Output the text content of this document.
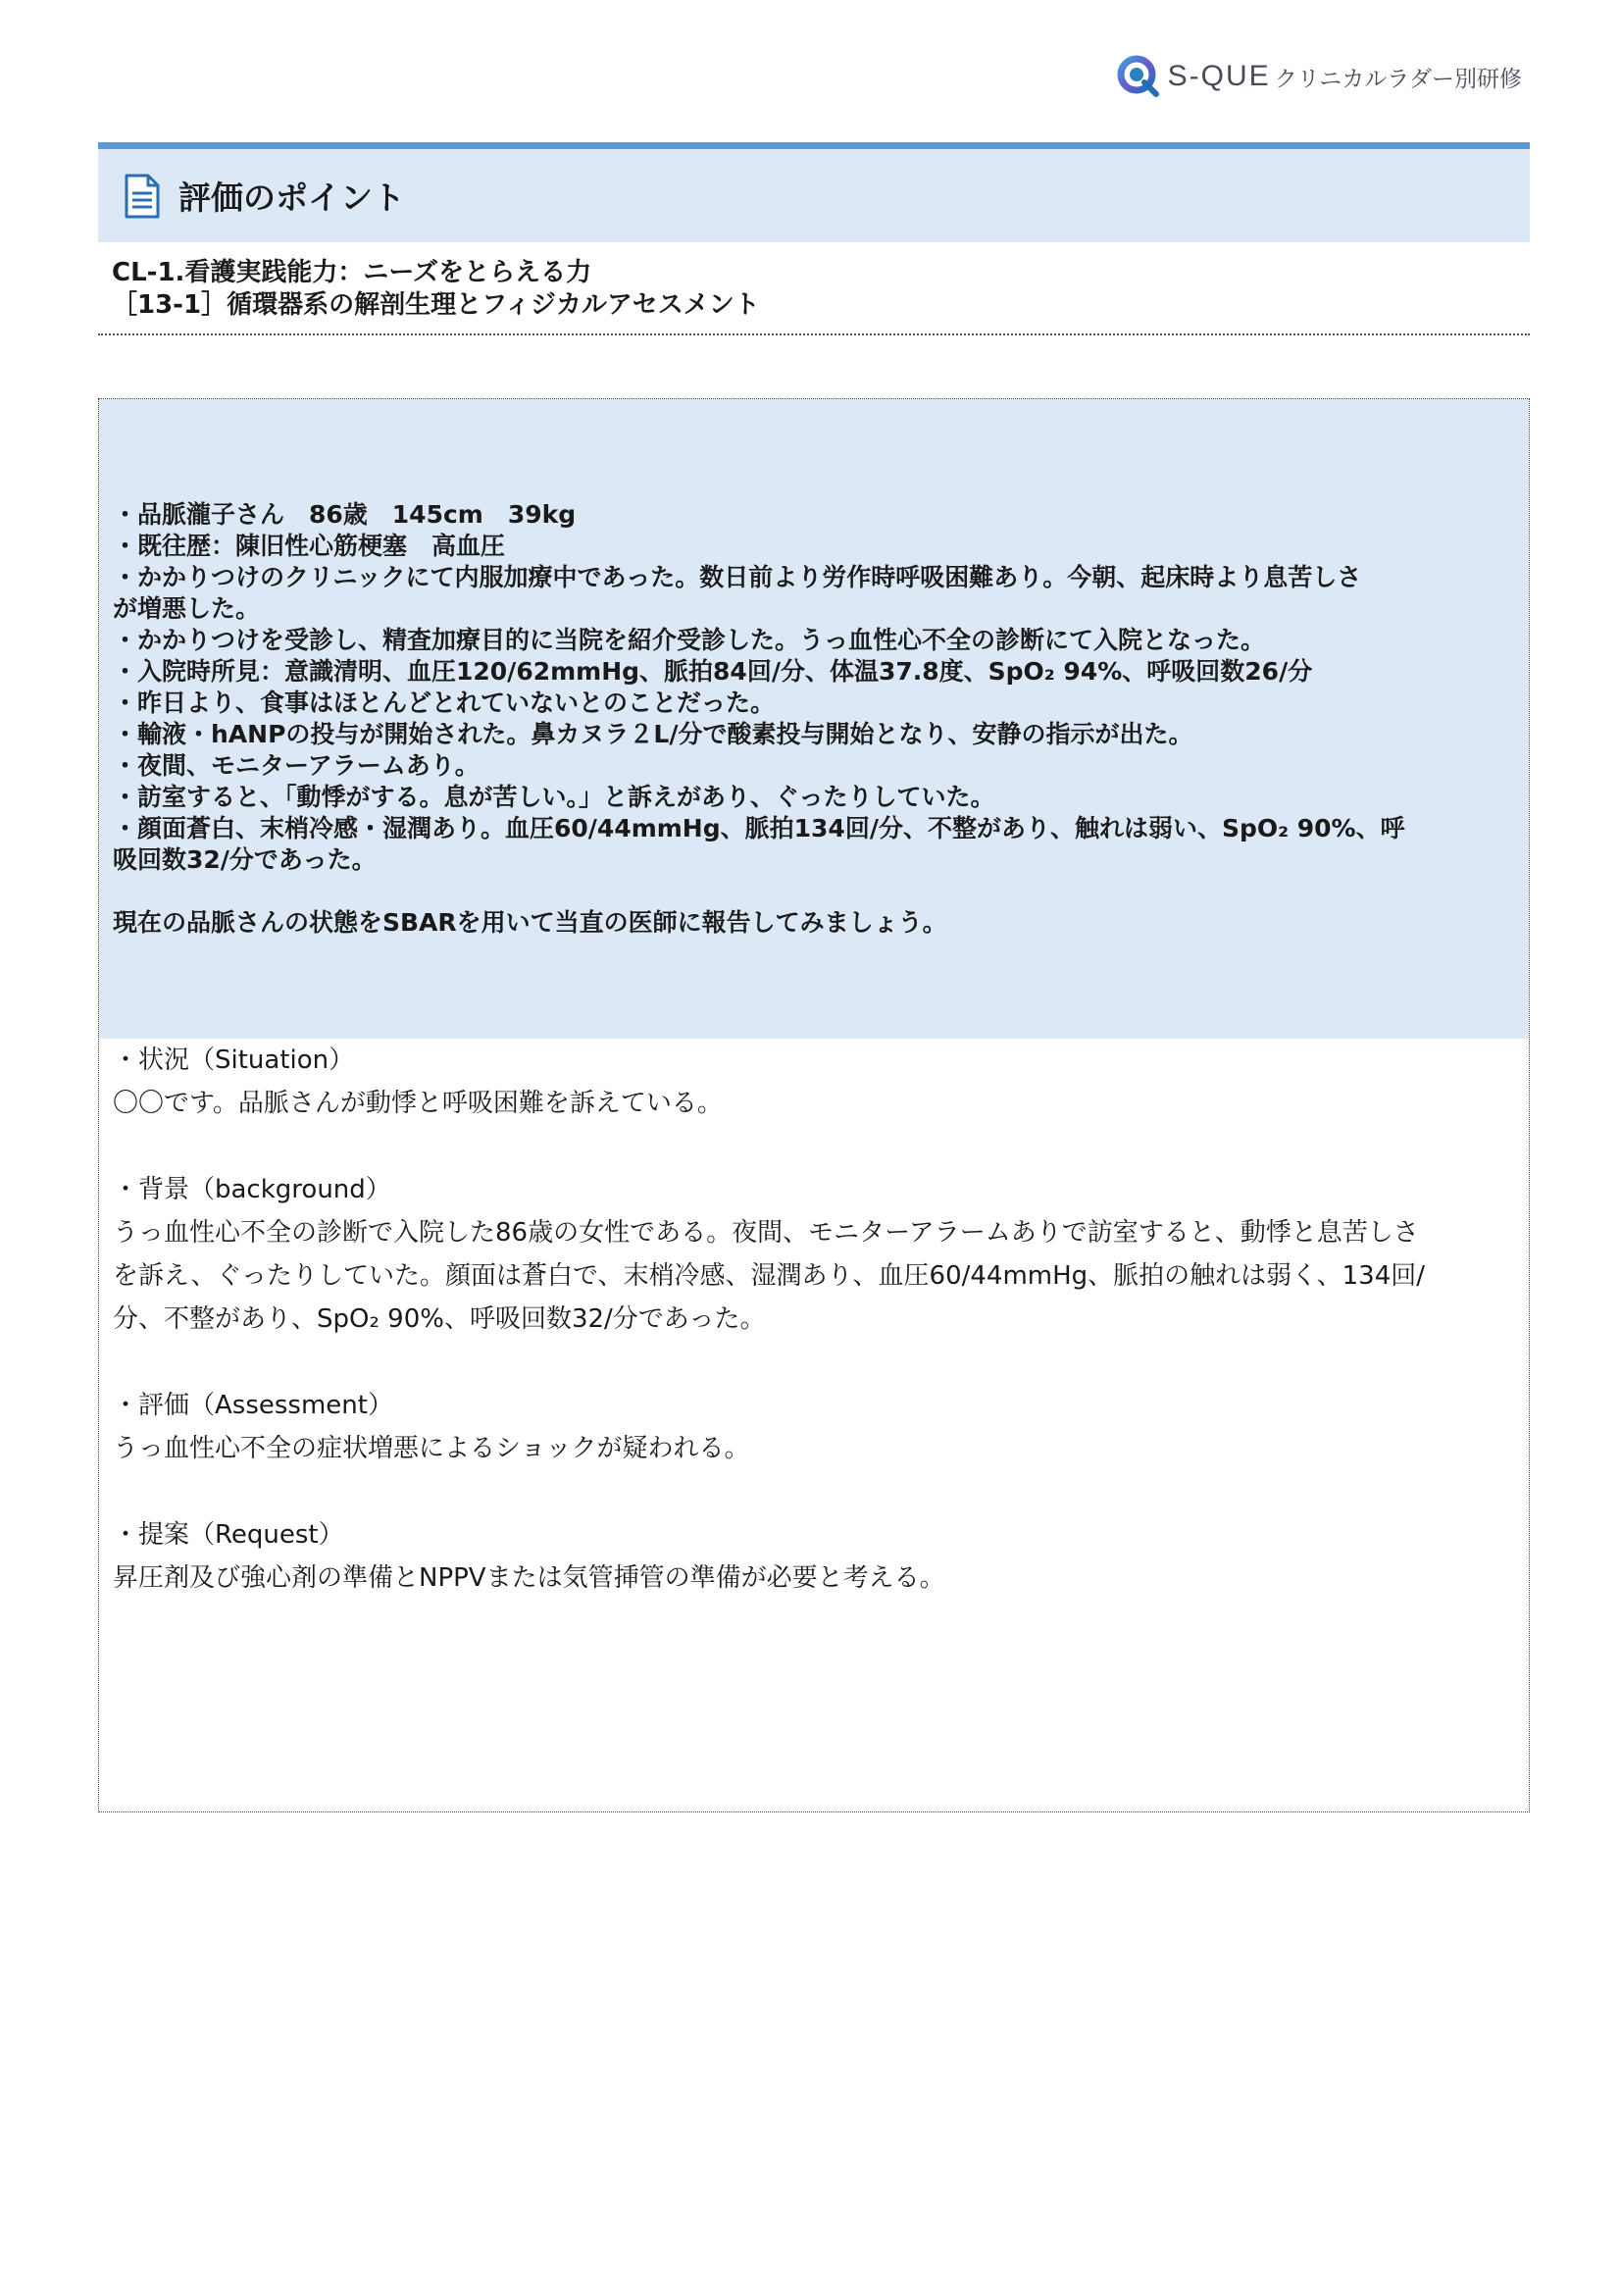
S-QUE クリニカルラダー別研修
評価のポイント
CL-1.看護実践能力：ニーズをとらえる力
［13-1］循環器系の解剖生理とフィジカルアセスメント
・品脈瀧子さん　86歳　145cm　39kg
・既往歴：陳旧性心筋梗塞　高血圧
・かかりつけのクリニックにて内服加療中であった。数日前より労作時呼吸困難あり。今朝、起床時より息苦しさ
が増悪した。
・かかりつけを受診し、精査加療目的に当院を紹介受診した。うっ血性心不全の診断にて入院となった。
・入院時所見：意識清明、血圧120/62mmHg、脈拍84回/分、体温37.8度、SpO₂ 94%、呼吸回数26/分
・昨日より、食事はほとんどとれていないとのことだった。
・輸液・hANPの投与が開始された。鼻カヌラ２L/分で酸素投与開始となり、安静の指示が出た。
・夜間、モニターアラームあり。
・訪室すると、「動悸がする。息が苦しい。」と訴えがあり、ぐったりしていた。
・顔面蒼白、末梢冷感・湿潤あり。血圧60/44mmHg、脈拍134回/分、不整があり、触れは弱い、SpO₂ 90%、呼
吸回数32/分であった。
現在の品脈さんの状態をSBARを用いて当直の医師に報告してみましょう。
・状況（Situation）
〇〇です。品脈さんが動悸と呼吸困難を訴えている。
・背景（background）
うっ血性心不全の診断で入院した86歳の女性である。夜間、モニターアラームありで訪室すると、動悸と息苦しさ
を訴え、ぐったりしていた。顔面は蒼白で、末梢冷感、湿潤あり、血圧60/44mmHg、脈拍の触れは弱く、134回/
分、不整があり、SpO₂ 90%、呼吸回数32/分であった。
・評価（Assessment）
うっ血性心不全の症状増悪によるショックが疑われる。
・提案（Request）
昇圧剤及び強心剤の準備とNPPVまたは気管挿管の準備が必要と考える。
